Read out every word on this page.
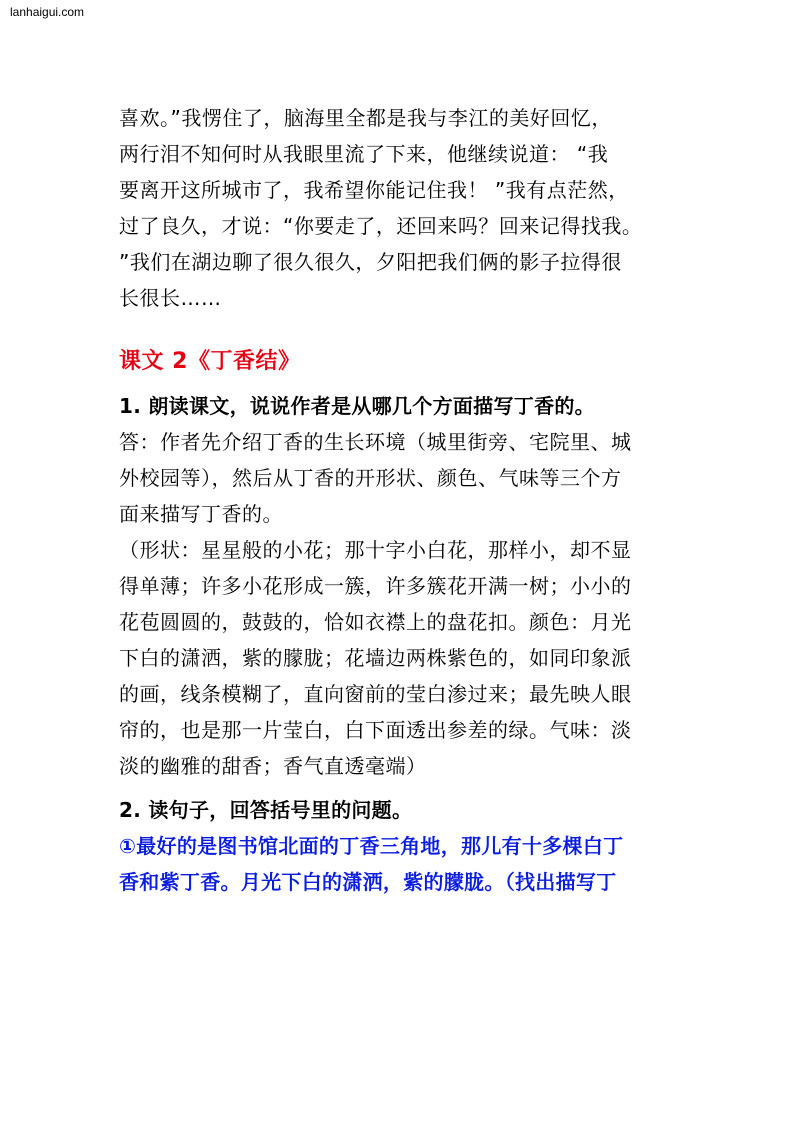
lanhaigui.com
喜欢。”我愣住了，脑海里全都是我与李江的美好回忆，
两行泪不知何时从我眼里流了下来，他继续说道： “我
要离开这所城市了，我希望你能记住我！ ”我有点茫然，
过了良久，才说：“你要走了，还回来吗？回来记得找我。
”我们在湖边聊了很久很久，夕阳把我们俩的影子拉得很
长很长……
课文 2《丁香结》
1. 朗读课文，说说作者是从哪几个方面描写丁香的。
答：作者先介绍丁香的生长环境（城里街旁、宅院里、城
外校园等），然后从丁香的开形状、颜色、气味等三个方
面来描写丁香的。
（形状：星星般的小花；那十字小白花，那样小，却不显
得单薄；许多小花形成一簇，许多簇花开满一树；小小的
花苞圆圆的，鼓鼓的，恰如衣襟上的盘花扣。颜色：月光
下白的潇洒，紫的朦胧；花墙边两株紫色的，如同印象派
的画，线条模糊了，直向窗前的莹白渗过来；最先映人眼
帘的，也是那一片莹白，白下面透出参差的绿。气味：淡
淡的幽雅的甜香；香气直透毫端）
2. 读句子，回答括号里的问题。
①最好的是图书馆北面的丁香三角地，那儿有十多棵白丁
香和紫丁香。月光下白的潇洒，紫的朦胧。（找出描写丁
